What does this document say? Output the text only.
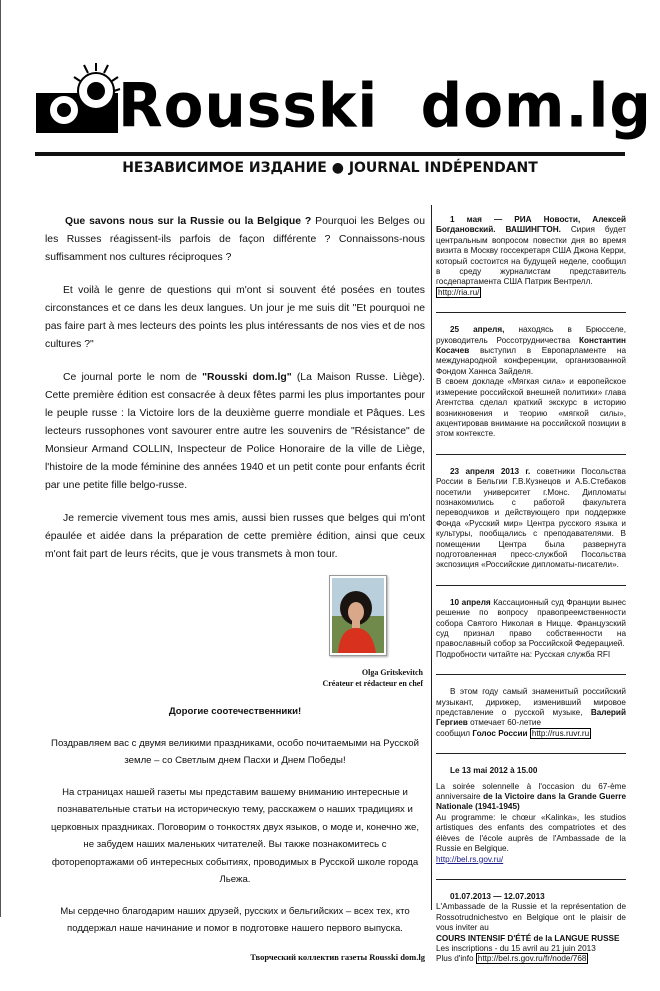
Rousski  dom.lg
НЕЗАВИСИМОЕ ИЗДАНИЕ ● JOURNAL INDÉPENDANT

Que savons nous sur la Russie ou la Belgique ? Pourquoi les Belges ou les Russes réagissent-ils parfois de façon différente ? Connaissons-nous suffisamment nos cultures réciproques ?

Et voilà le genre de questions qui m'ont si souvent été posées en toutes circonstances et ce dans les deux langues. Un jour je me suis dit "Et pourquoi ne pas faire part à mes lecteurs des points les plus intéressants de nos vies et de nos cultures ?"

Ce journal porte le nom de "Rousski dom.lg" (La Maison Russe. Liège). Cette première édition est consacrée à deux fêtes parmi les plus importantes pour le peuple russe : la Victoire lors de la deuxième guerre mondiale et Pâques. Les lecteurs russophones vont savourer entre autre les souvenirs de "Résistance" de Monsieur Armand COLLIN, Inspecteur de Police Honoraire de la ville de Liège, l'histoire de la mode féminine des années 1940 et un petit conte pour enfants écrit par une petite fille belgo-russe.

Je remercie vivement tous mes amis, aussi bien russes que belges qui m'ont épaulée et aidée dans la préparation de cette première édition, ainsi que ceux m'ont fait part de leurs récits, que je vous transmets à mon tour.

Olga Gritskevitch
Créateur et rédacteur en chef
Дорогие соотечественники!

Поздравляем вас с двумя великими праздниками, особо почитаемыми на Русской земле – со Светлым днем Пасхи и Днем Победы!

На страницах нашей газеты мы представим вашему вниманию интересные и познавательные статьи на историческую тему, расскажем о наших традициях и церковных праздниках. Поговорим о тонкостях двух языков, о моде и, конечно же, не забудем наших маленьких читателей. Вы также познакомитесь с фоторепортажами об интересных событиях, проводимых в Русской школе города Льежа.

Мы сердечно благодарим наших друзей, русских и бельгийских – всех тех, кто поддержал наше начинание и помог в подготовке нашего первого выпуска.

Творческий коллектив газеты Rousski dom.lg

1 мая — РИА Новости, Алексей Богдановский. ВАШИНГТОН. Сирия будет центральным вопросом повестки дня во время визита в Москву госсекретаря США Джона Керри, который состоится на будущей неделе, сообщил в среду журналистам представитель госдепартамента США Патрик Вентрелл.

http://ria.ru/

25 апреля, находясь в Брюсселе, руководитель Россотрудничества Константин Косачев выступил в Европарламенте на международной конференции, организованной Фондом Ханнса Зайделя.

В своем докладе «Мягкая сила» и европейское измерение российской внешней политики» глава Агентства сделал краткий экскурс в историю возникновения и теорию «мягкой силы», акцентировав внимание на российской позиции в этом контексте.

23 апреля 2013 г. советники Посольства России в Бельгии Г.В.Кузнецов и А.Б.Стебаков посетили университет г.Монс. Дипломаты познакомились с работой факультета переводчиков и действующего при поддержке Фонда «Русский мир» Центра русского языка и культуры, пообщались с преподавателями. В помещении Центра была развернута подготовленная пресс-службой Посольства экспозиция «Российские дипломаты-писатели».

10 апреля Кассационный суд Франции вынес решение по вопросу правопреемственности собора Святого Николая в Ницце. Французский суд признал право собственности на православный собор за Российской Федерацией.

Подробности читайте на: Русская служба RFI

В этом году самый знаменитый российский музыкант, дирижер, изменивший мировое представление о русской музыке, Валерий Гергиев отмечает 60-летие

сообщил Голос России http://rus.ruvr.ru

Le 13 mai 2012 à 15.00

La soirée solennelle à l'occasion du 67-ème anniversaire de la Victoire dans la Grande Guerre Nationale (1941-1945)

Au programme: le chœur «Kalinka», les studios artistiques des enfants des compatriotes et des élèves de l'école auprès de l'Ambassade de la Russie en Belgique.

http://bel.rs.gov.ru/

01.07.2013 — 12.07.2013

L'Ambassade de la Russie et la représentation de Rossotrudnichestvo en Belgique ont le plaisir de vous inviter au

COURS INTENSIF D'ÉTÉ de la LANGUE RUSSE

Les inscriptions - du 15 avril au 21 juin 2013

Plus d'info http://bel.rs.gov.ru/fr/node/768
